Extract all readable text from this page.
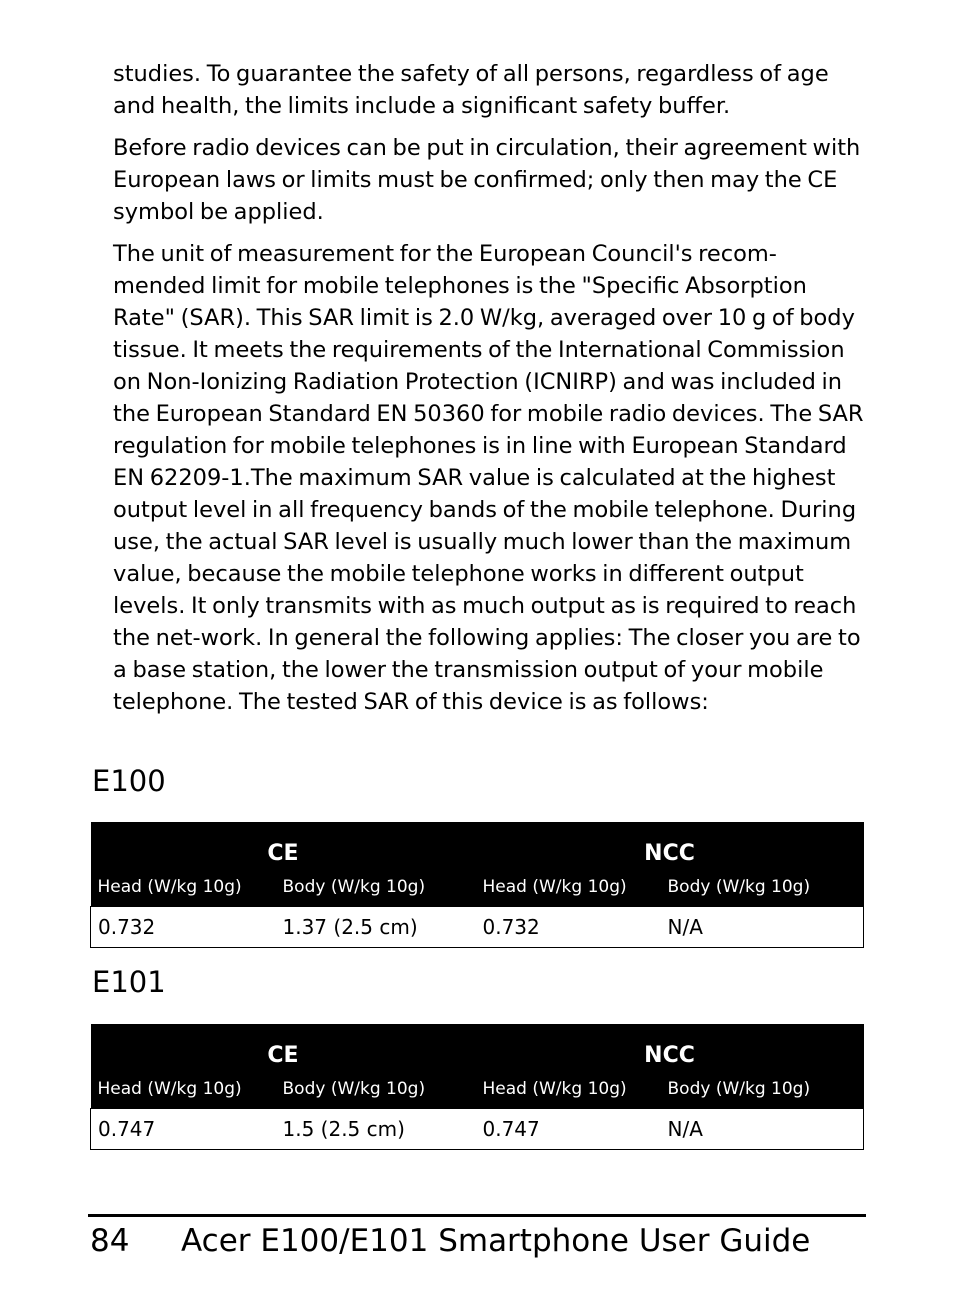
studies. To guarantee the safety of all persons, regardless of age and health, the limits include a significant safety buffer.

Before radio devices can be put in circulation, their agreement with European laws or limits must be confirmed; only then may the CE symbol be applied.

The unit of measurement for the European Council's recom-mended limit for mobile telephones is the "Specific Absorption Rate" (SAR). This SAR limit is 2.0 W/kg, averaged over 10 g of body tissue. It meets the requirements of the International Commission on Non-Ionizing Radiation Protection (ICNIRP) and was included in the European Standard EN 50360 for mobile radio devices. The SAR regulation for mobile telephones is in line with European Standard EN 62209-1.The maximum SAR value is calculated at the highest output level in all frequency bands of the mobile telephone. During use, the actual SAR level is usually much lower than the maximum value, because the mobile telephone works in different output levels. It only transmits with as much output as is required to reach the net-work. In general the following applies: The closer you are to a base station, the lower the transmission output of your mobile telephone. The tested SAR of this device is as follows:

E100
CE		NCC	
Head (W/kg 10g)	Body (W/kg 10g)	Head (W/kg 10g)	Body (W/kg 10g)
0.732	1.37 (2.5 cm)	0.732	N/A
E101
CE		NCC	
Head (W/kg 10g)	Body (W/kg 10g)	Head (W/kg 10g)	Body (W/kg 10g)
0.747	1.5 (2.5 cm)	0.747	N/A
84 Acer E100/E101 Smartphone User Guide
